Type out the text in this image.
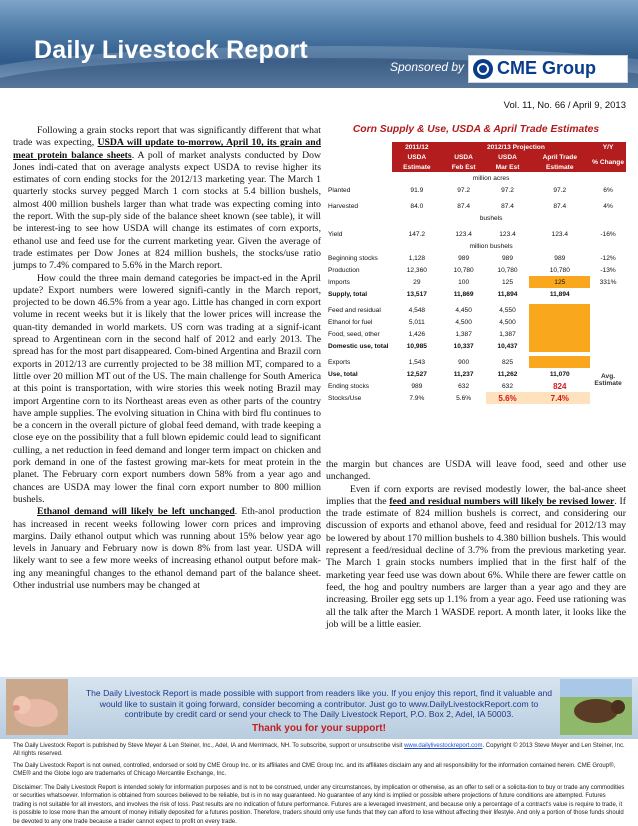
Daily Livestock Report
Sponsored by CME Group
Vol. 11, No. 66 / April 9, 2013

Following a grain stocks report that was significantly different that what trade was expecting, USDA will update to-morrow, April 10, its grain and meat protein balance sheets. A poll of market analysts conducted by Dow Jones indi-cated that on average analysts expect USDA to revise higher its estimates of corn ending stocks for the 2012/13 marketing year. The March 1 quarterly stocks survey pegged March 1 corn stocks at 5.4 billion bushels, almost 400 million bushels larger than what trade was expecting coming into the report. With the sup-ply side of the balance sheet known (see table), it will be interest-ing to see how USDA will change its estimates of corn exports, ethanol use and feed use for the current marketing year. Given the average of trade estimates per Dow Jones at 824 million bushels, the stocks/use ratio jumps to 7.4% compared to 5.6% in the March report.

How could the three main demand categories be impact-ed in the April update? Export numbers were lowered signifi-cantly in the March report, projected to be down 46.5% from a year ago. Little has changed in corn export volume in recent weeks but it is likely that the lower prices will increase the quan-tity demanded in world markets. US corn was trading at a signif-icant spread to Argentinean corn in the second half of 2012 and early 2013. The spread has for the most part disappeared. Com-bined Argentina and Brazil corn exports in 2012/13 are currently projected to be 38 million MT, compared to a little over 20 million MT out of the US. The main challenge for South America at this point is transportation, with wire stories this week noting Brazil may import Argentine corn to its Northeast areas even as other parts of the country have ample supplies. The evolving situation in China with bird flu continues to be a concern in the overall picture of global feed demand, with trade keeping a close eye on the possibility that a full blown epidemic could lead to significant culling, a net reduction in feed demand and longer term impact on chicken and pork demand in one of the fastest growing mar-kets for meat protein in the planet. The February corn export numbers down 58% from a year ago and chances are USDA may lower the final corn export number to 800 million bushels.

Ethanol demand will likely be left unchanged. Eth-anol production has increased in recent weeks following lower corn prices and improving margins. Daily ethanol output which was running about 15% below year ago levels in January and February now is down 8% from last year. USDA will likely want to see a few more weeks of increasing ethanol output before mak-ing any meaningful changes to the ethanol demand part of the balance sheet. Other industrial use numbers may be changed at

Corn Supply & Use, USDA & April Trade Estimates
	2011/12	2012/13 Projection			Y/Y
	USDA	USDA	USDA	April Trade	% Change
	Estimate	Feb Est	Mar Est	Estimate	
	million acres				
Planted	91.9	97.2	97.2	97.2	6%

Harvested	84.0	87.4	87.4	87.4	4%
	bushels				

Yield	147.2	123.4	123.4	123.4	-16%
	million bushels				
Beginning stocks	1,128	989	989	989	-12%
Production	12,360	10,780	10,780	10,780	-13%
Imports	29	100	125	125	331%
Supply, total	13,517	11,869	11,894	11,894	

Feed and residual	4,548	4,450	4,550		
Ethanol for fuel	5,011	4,500	4,500		
Food, seed, other	1,426	1,387	1,387		
Domestic use, total	10,985	10,337	10,437		

Exports	1,543	900	825		
Use, total	12,527	11,237	11,262	11,070	Avg. Estimate
Ending stocks	989	632	632	824	
Stocks/Use	7.9%	5.6%	5.6%	7.4%	

the margin but chances are USDA will leave food, seed and other use unchanged.

Even if corn exports are revised modestly lower, the bal-ance sheet implies that the feed and residual numbers will likely be revised lower. If the trade estimate of 824 million bushels is correct, and considering our discussion of exports and ethanol above, feed and residual for 2012/13 may be lowered by about 170 million bushels to 4.380 billion bushels. This would represent a feed/residual decline of 3.7% from the previous marketing year. The March 1 grain stocks numbers implied that in the first half of the marketing year feed use was down about 6%. While there are fewer cattle on feed, the hog and poultry numbers are larger than a year ago and they are increasing. Broiler egg sets up 1.1% from a year ago. Feed use rationing was all the talk after the March 1 WASDE report. A month later, it looks like the job will be a little easier.

The Daily Livestock Report is made possible with support from readers like you. If you enjoy this report, find it valuable and would like to sustain it going forward, consider becoming a contributor. Just go to www.DailyLivestockReport.com to contribute by credit card or send your check to The Daily Livestock Report, P.O. Box 2, Adel, IA 50003.
Thank you for your support!
The Daily Livestock Report is published by Steve Meyer & Len Steiner, Inc., Adel, IA and Merrimack, NH. To subscribe, support or unsubscribe visit www.dailylivestockreport.com. Copyright © 2013 Steve Meyer and Len Steiner, Inc. All rights reserved.
The Daily Livestock Report is not owned, controlled, endorsed or sold by CME Group Inc. or its affiliates and CME Group Inc. and its affiliates disclaim any and all responsibility for the information contained herein. CME Group®, CME® and the Globe logo are trademarks of Chicago Mercantile Exchange, Inc.
Disclaimer: The Daily Livestock Report is intended solely for information purposes and is not to be construed, under any circumstances, by implication or otherwise, as an offer to sell or a solicita-tion to buy or trade any commodities or securities whatsoever. Information is obtained from sources believed to be reliable, but is in no way guaranteed. No guarantee of any kind is implied or possible where projections of future conditions are attempted. Futures trading is not suitable for all investors, and involves the risk of loss. Past results are no indication of future performance. Futures are a leveraged investment, and because only a percentage of a contract's value is require to trade, it is possible to lose more than the amount of money initially deposited for a futures position. Therefore, traders should only use funds that they can afford to lose without affecting their lifestyle. And only a portion of those funds should be devoted to any one trade because a trader cannot expect to profit on every trade.
